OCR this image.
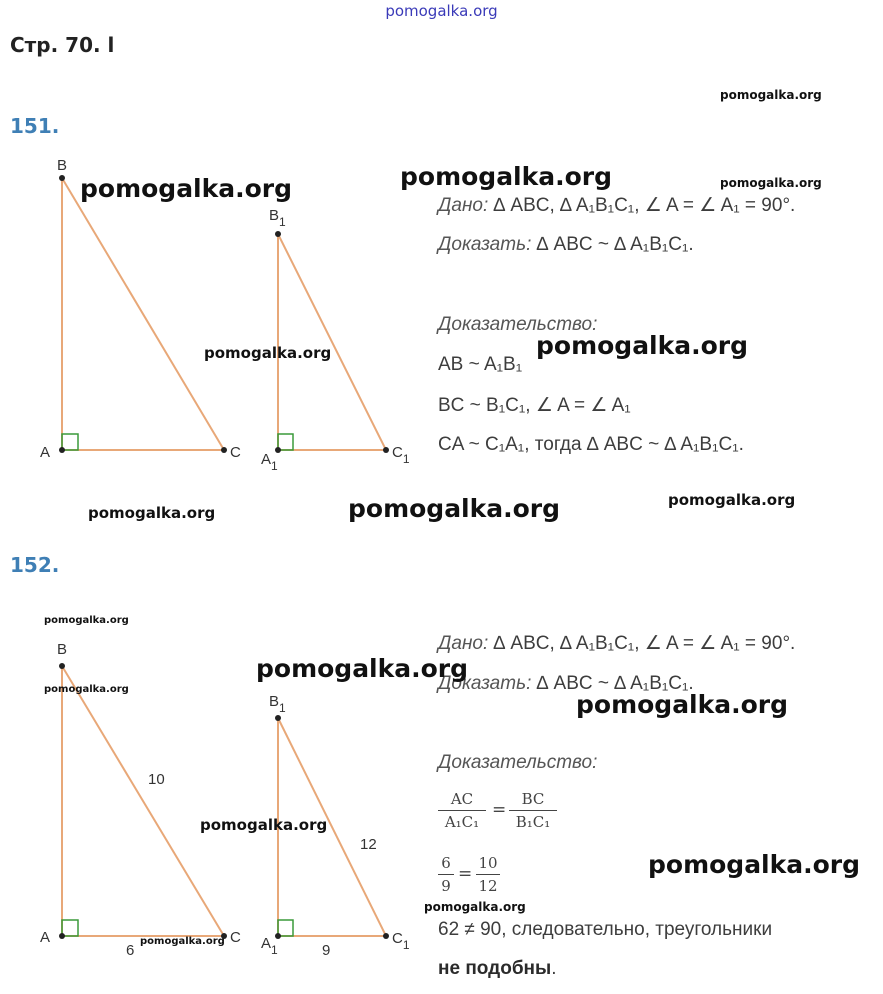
pomogalka.org
Стр. 70. l
151.
B
A	C
$B_1$
$A_1$
$C_1$
Дано: ∆ ABC, ∆ A₁B₁C₁, ∠ A = ∠ A₁ = 90°.
Доказать: ∆ ABC ~ ∆ A₁B₁C₁.
Доказательство:
AB ~ A₁B₁
BC ~ B₁C₁, ∠ A = ∠ A₁
CA ~ C₁A₁, тогда ∆ ABC ~ ∆ A₁B₁C₁.
152.
B
A	C
10
6
$B_1$
$A_1$
$C_1$
12
9
Дано: ∆ ABC, ∆ A₁B₁C₁, ∠ A = ∠ A₁ = 90°.
Доказать: ∆ ABC ~ ∆ A₁B₁C₁.
Доказательство:
AC
A₁C₁
=
BC
B₁C₁
6
9
=
10
12
62 ≠ 90, следовательно, треугольники
не подобны.
pomogalka.org
pomogalka.org	pomogalka.org	pomogalka.org
pomogalka.org	pomogalka.org
pomogalka.org	pomogalka.org	pomogalka.org
pomogalka.org
pomogalka.org
pomogalka.org
pomogalka.org
pomogalka.org
pomogalka.org
pomogalka.org
pomogalka.org
